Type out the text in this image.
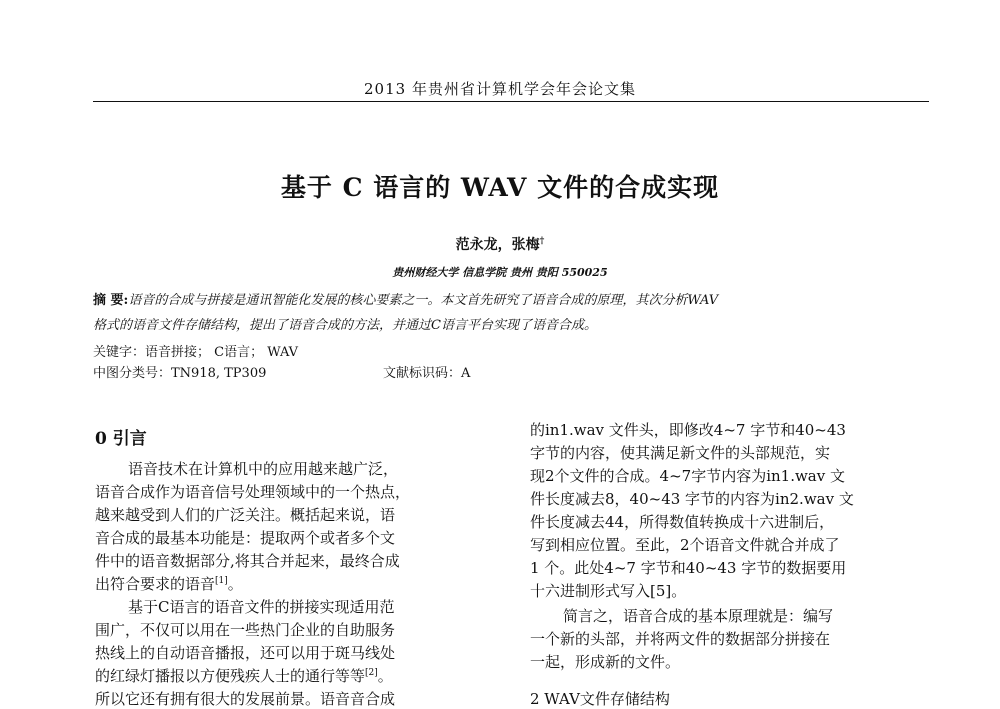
2013 年贵州省计算机学会年会论文集
基于 C 语言的 WAV 文件的合成实现
范永龙，张梅†
贵州财经大学 信息学院 贵州 贵阳 550025
摘 要:语音的合成与拼接是通讯智能化发展的核心要素之一。本文首先研究了语音合成的原理，其次分析WAV
格式的语音文件存储结构，提出了语音合成的方法，并通过C语言平台实现了语音合成。
关键字：语音拼接； C语言； WAV
中图分类号：TN918, TP309	文献标识码：A
0 引言
语音技术在计算机中的应用越来越广泛，
语音合成作为语音信号处理领域中的一个热点，
越来越受到人们的广泛关注。概括起来说，语
音合成的最基本功能是：提取两个或者多个文
件中的语音数据部分,将其合并起来，最终合成
出符合要求的语音[1]。
基于C语言的语音文件的拼接实现适用范
围广，不仅可以用在一些热门企业的自助服务
热线上的自动语音播报，还可以用于斑马线处
的红绿灯播报以方便残疾人士的通行等等[2]。
所以它还有拥有很大的发展前景。语音音合成
的in1.wav 文件头，即修改4~7 字节和40~43
字节的内容，使其满足新文件的头部规范，实
现2个文件的合成。4~7字节内容为in1.wav 文
件长度减去8，40~43 字节的内容为in2.wav 文
件长度减去44，所得数值转换成十六进制后，
写到相应位置。至此，2个语音文件就合并成了
1 个。此处4~7 字节和40~43 字节的数据要用
十六进制形式写入[5]。
简言之，语音合成的基本原理就是：编写
一个新的头部，并将两文件的数据部分拼接在
一起，形成新的文件。
2 WAV文件存储结构
